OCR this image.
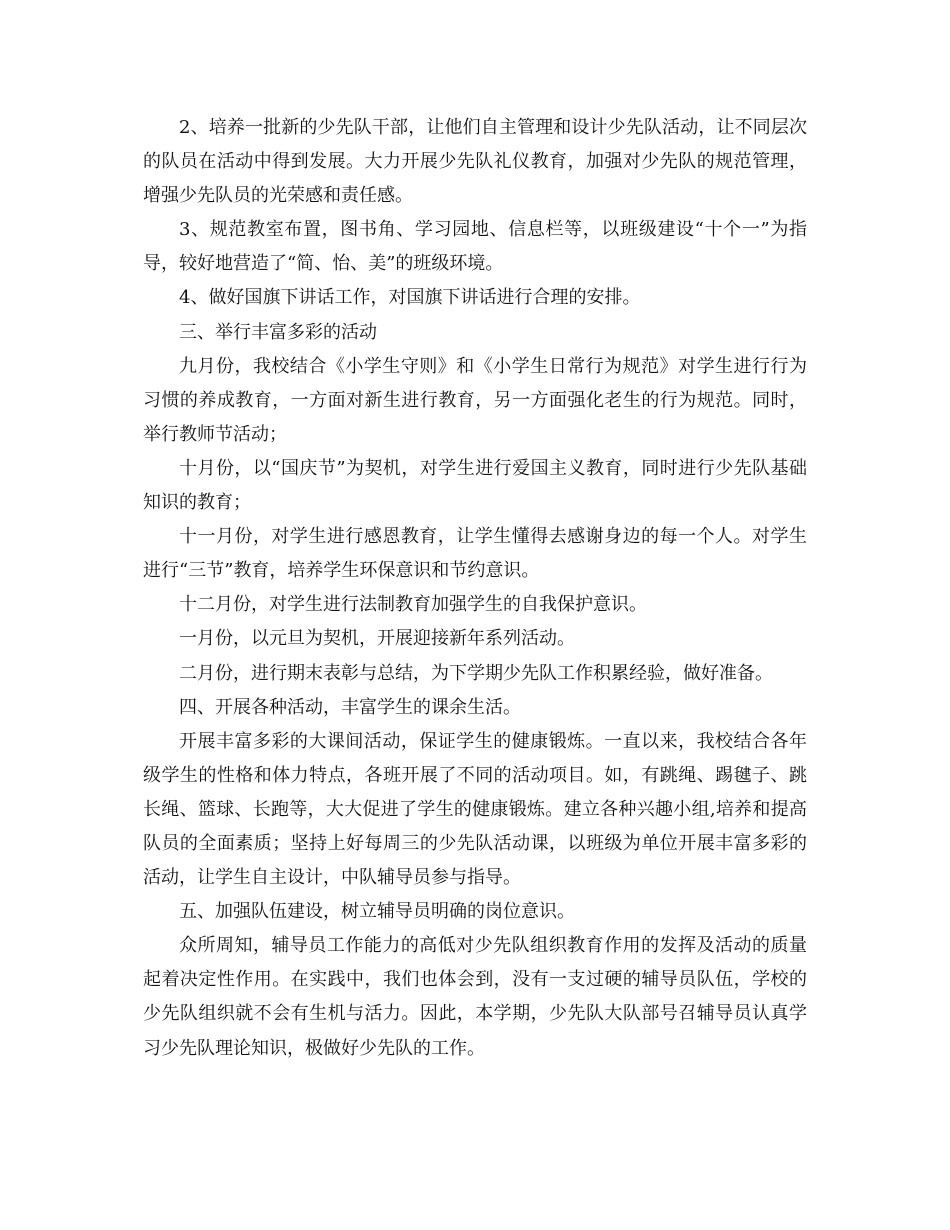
2、培养一批新的少先队干部，让他们自主管理和设计少先队活动，让不同层次的队员在活动中得到发展。大力开展少先队礼仪教育，加强对少先队的规范管理，增强少先队员的光荣感和责任感。

3、规范教室布置，图书角、学习园地、信息栏等，以班级建设“十个一”为指导，较好地营造了“简、怡、美”的班级环境。

4、做好国旗下讲话工作，对国旗下讲话进行合理的安排。

三、举行丰富多彩的活动

九月份，我校结合《小学生守则》和《小学生日常行为规范》对学生进行行为习惯的养成教育，一方面对新生进行教育，另一方面强化老生的行为规范。同时，举行教师节活动；

十月份，以“国庆节”为契机，对学生进行爱国主义教育，同时进行少先队基础知识的教育；

十一月份，对学生进行感恩教育，让学生懂得去感谢身边的每一个人。对学生进行“三节”教育，培养学生环保意识和节约意识。

十二月份，对学生进行法制教育加强学生的自我保护意识。

一月份，以元旦为契机，开展迎接新年系列活动。

二月份，进行期末表彰与总结，为下学期少先队工作积累经验，做好准备。

四、开展各种活动，丰富学生的课余生活。

开展丰富多彩的大课间活动，保证学生的健康锻炼。一直以来，我校结合各年级学生的性格和体力特点，各班开展了不同的活动项目。如，有跳绳、踢毽子、跳长绳、篮球、长跑等，大大促进了学生的健康锻炼。建立各种兴趣小组,培养和提高队员的全面素质；坚持上好每周三的少先队活动课，以班级为单位开展丰富多彩的活动，让学生自主设计，中队辅导员参与指导。

五、加强队伍建设，树立辅导员明确的岗位意识。

众所周知，辅导员工作能力的高低对少先队组织教育作用的发挥及活动的质量起着决定性作用。在实践中，我们也体会到，没有一支过硬的辅导员队伍，学校的少先队组织就不会有生机与活力。因此，本学期，少先队大队部号召辅导员认真学习少先队理论知识，极做好少先队的工作。
